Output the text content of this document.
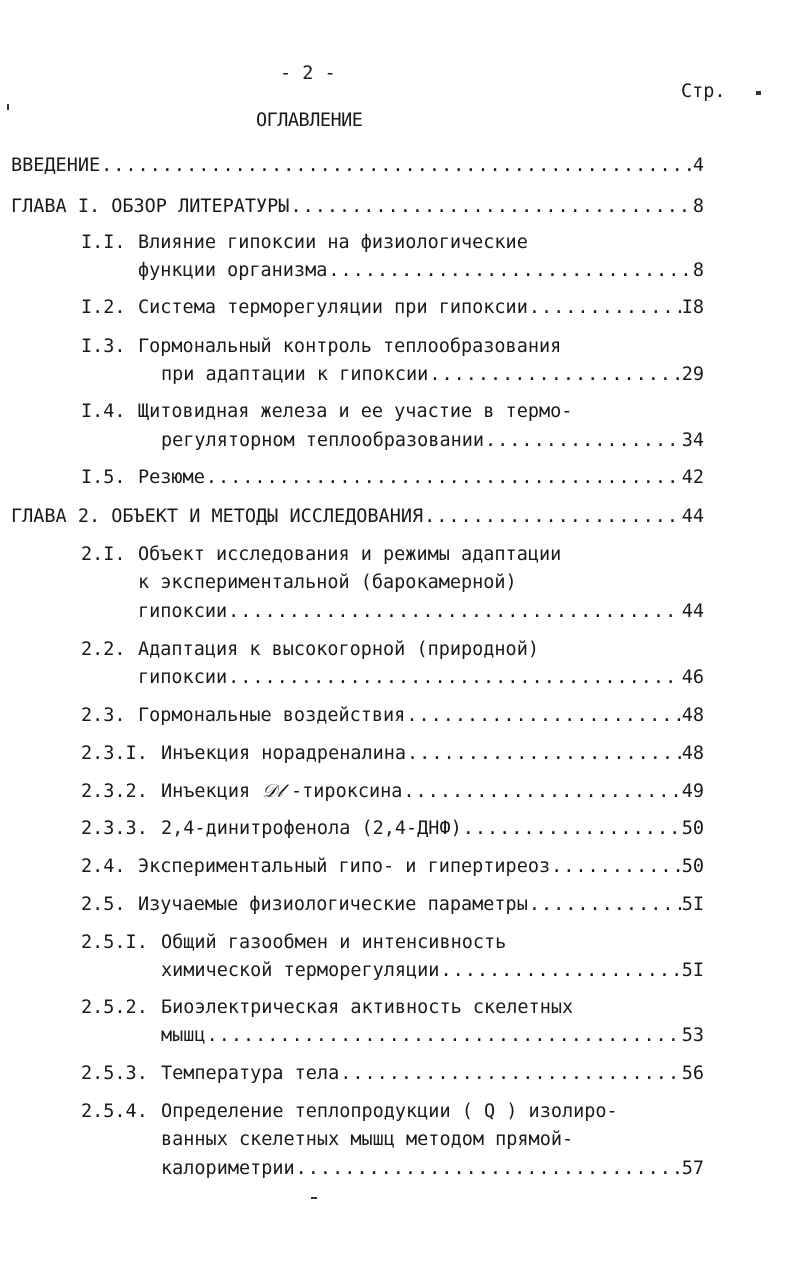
- 2 -
Стр.
ОГЛАВЛЕНИЕ
ВВЕДЕНИЕ .....	4
ГЛАВА I. ОБЗОР ЛИТЕРАТУРЫ .....	8
I.I. Влияние гипоксии на физиологические
функции организма .....	8
I.2. Система терморегуляции при гипоксии .....	I8
I.3. Гормональный контроль теплообразования
при адаптации к гипоксии .....	29
I.4. Щитовидная железа и ее участие в термо-
регуляторном теплообразовании .....	34
I.5. Резюме .....	42
ГЛАВА 2. ОБЪЕКТ И МЕТОДЫ ИССЛЕДОВАНИЯ .....	44
2.I. Объект исследования и режимы адаптации
к экспериментальной (барокамерной)
гипоксии .....	44
2.2. Адаптация к высокогорной (природной)
гипоксии .....	46
2.3. Гормональные воздействия .....	48
2.3.I. Инъекция норадреналина .....	48
2.3.2. Инъекция 𝒟𝓁 -тироксина .....	49
2.3.3. 2,4-динитрофенола (2,4-ДНФ) .....	50
2.4. Экспериментальный гипо- и гипертиреоз .....	50
2.5. Изучаемые физиологические параметры .....	5I
2.5.I. Общий газообмен и интенсивность
химической терморегуляции .....	5I
2.5.2. Биоэлектрическая активность скелетных
мышц .....	53
2.5.3. Температура тела .....	56
2.5.4. Определение теплопродукции ( Q ) изолиро-
ванных скелетных мышц методом прямой-
калориметрии .....	57
